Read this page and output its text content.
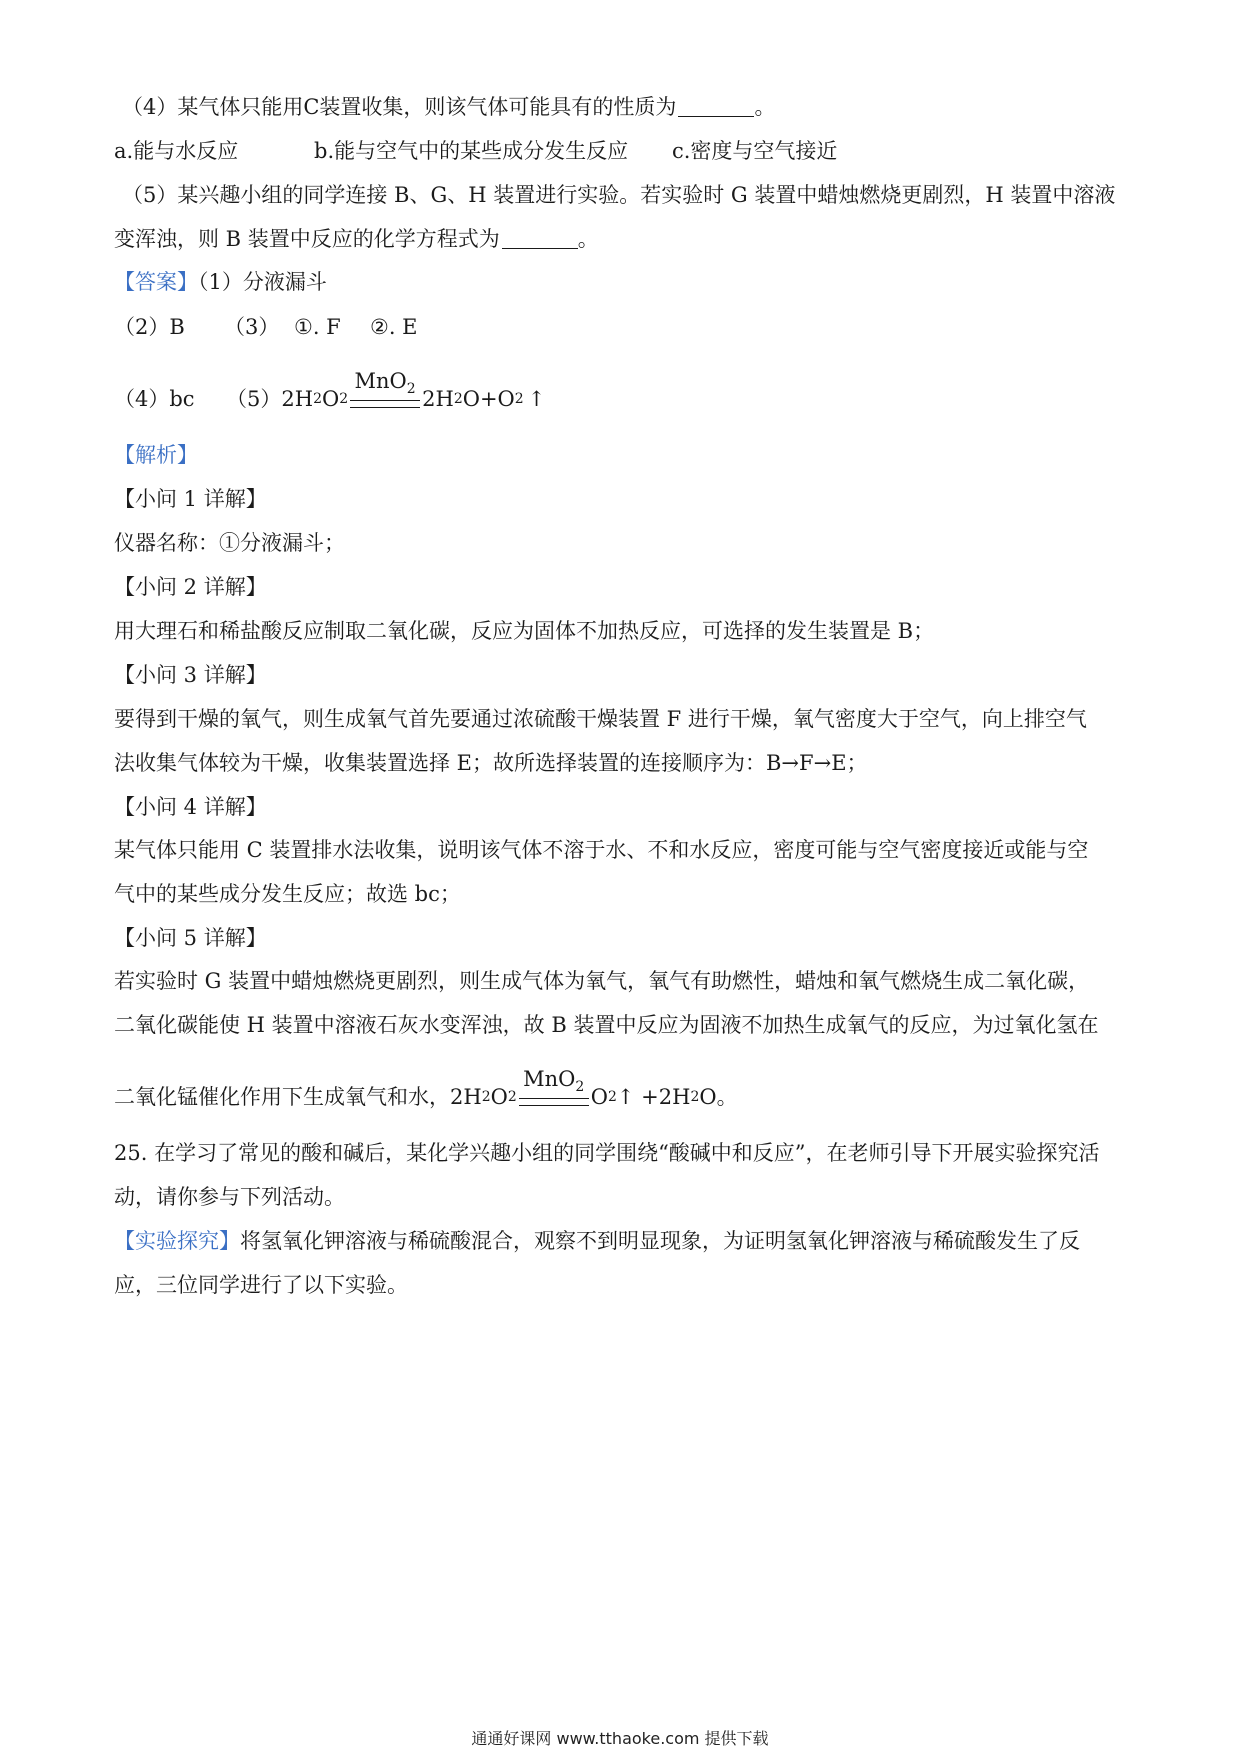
（4）某气体只能用C装置收集，则该气体可能具有的性质为	。
a.能与水反应	b.能与空气中的某些成分发生反应 c.密度与空气接近
（5）某兴趣小组的同学连接 B、G、H 装置进行实验。若实验时 G 装置中蜡烛燃烧更剧烈，H 装置中溶液
变浑浊，则 B 装置中反应的化学方程式为	。
【答案】（1）分液漏斗
（2）B （3） ①. F ②. E
（4）bc （5） 2H 2 O 2
MnO$_2$ 2H 2 O+O 2 ↑
【解析】
【小问 1 详解】
仪器名称：①分液漏斗；
【小问 2 详解】
用大理石和稀盐酸反应制取二氧化碳，反应为固体不加热反应，可选择的发生装置是 B；
【小问 3 详解】
要得到干燥的氧气，则生成氧气首先要通过浓硫酸干燥装置 F 进行干燥，氧气密度大于空气，向上排空气
法收集气体较为干燥，收集装置选择 E；故所选择装置的连接顺序为：B→F→E；
【小问 4 详解】
某气体只能用 C 装置排水法收集，说明该气体不溶于水、不和水反应，密度可能与空气密度接近或能与空
气中的某些成分发生反应；故选 bc；
【小问 5 详解】
若实验时 G 装置中蜡烛燃烧更剧烈，则生成气体为氧气，氧气有助燃性，蜡烛和氧气燃烧生成二氧化碳，
二氧化碳能使 H 装置中溶液石灰水变浑浊，故 B 装置中反应为固液不加热生成氧气的反应，为过氧化氢在
二氧化锰催化作用下生成氧气和水， 2H 2 O 2
MnO$_2$ O 2 ↑ +2H 2 O 。
25. 在学习了常见的酸和碱后，某化学兴趣小组的同学围绕“酸碱中和反应”，在老师引导下开展实验探究活
动，请你参与下列活动。
【实验探究】将氢氧化钾溶液与稀硫酸混合，观察不到明显现象，为证明氢氧化钾溶液与稀硫酸发生了反
应，三位同学进行了以下实验。
通通好课网 www.tthaoke.com 提供下载
